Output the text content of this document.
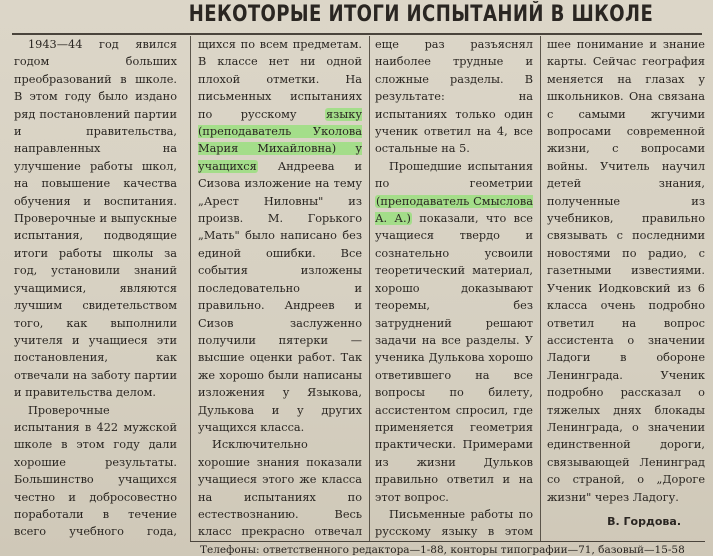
НЕКОТОРЫЕ ИТОГИ ИСПЫТАНИЙ В ШКОЛЕ

1943—44 год явился годом больших преобразований в школе. В этом году было издано ряд постановлений партии и правительства, направленных на улучшение работы школ, на повышение качества обучения и воспитания. Проверочные и выпускные испытания, подводящие итоги работы школы за год, установили знаний учащимися, являются лучшим свидетельством того, как выполнили учителя и учащиеся эти постановления, как отвечали на заботу партии и правительства делом.

Проверочные испытания в 422 мужской школе в этом году дали хорошие результаты. Большинство учащихся честно и добросовестно поработали в течение всего учебного года,

щихся по всем предметам. В классе нет ни одной плохой отметки. На письменных испытаниях по русскому языку (преподаватель Уколова Мария Михайловна) у учащихся Андреева и Сизова изложение на тему „Арест Ниловны" из произв. М. Горького „Мать" было написано без единой ошибки. Все события изложены последовательно и правильно. Андреев и Сизов заслуженно получили пятерки — высшие оценки работ. Так же хорошо были написаны изложения у Языкова, Дулькова и у других учащихся класса.

Исключительно хорошие знания показали учащиеся этого же класса на испытаниях по естествознанию. Весь класс прекрасно отвечал

еще раз разъяснял наиболее трудные и сложные разделы. В результате: на испытаниях только один ученик ответил на 4, все остальные на 5.

Прошедшие испытания по геометрии (преподаватель Смыслова А. А.) показали, что все учащиеся твердо и сознательно усвоили теоретический материал, хорошо доказывают теоремы, без затруднений решают задачи на все разделы. У ученика Дулькова хорошо ответившего на все вопросы по билету, ассистентом спросил, где применяется геометрия практически. Примерами из жизни Дульков правильно ответил и на этот вопрос.

Письменные работы по русскому языку в этом

шее понимание и знание карты. Сейчас география меняется на глазах у школьников. Она связана с самыми жгучими вопросами современной жизни, с вопросами войны. Учитель научил детей знания, полученные из учебников, правильно связывать с последними новостями по радио, с газетными известиями. Ученик Иодковский из 6 класса очень подробно ответил на вопрос ассистента о значении Ладоги в обороне Ленинграда. Ученик подробно рассказал о тяжелых днях блокады Ленинграда, о значении единственной дороги, связывающей Ленинград со страной, о „Дороге жизни" через Ладогу.

В. Гордова.
Телефоны: ответственного редактора—1-88, конторы типографии—71, базовый—15-58
